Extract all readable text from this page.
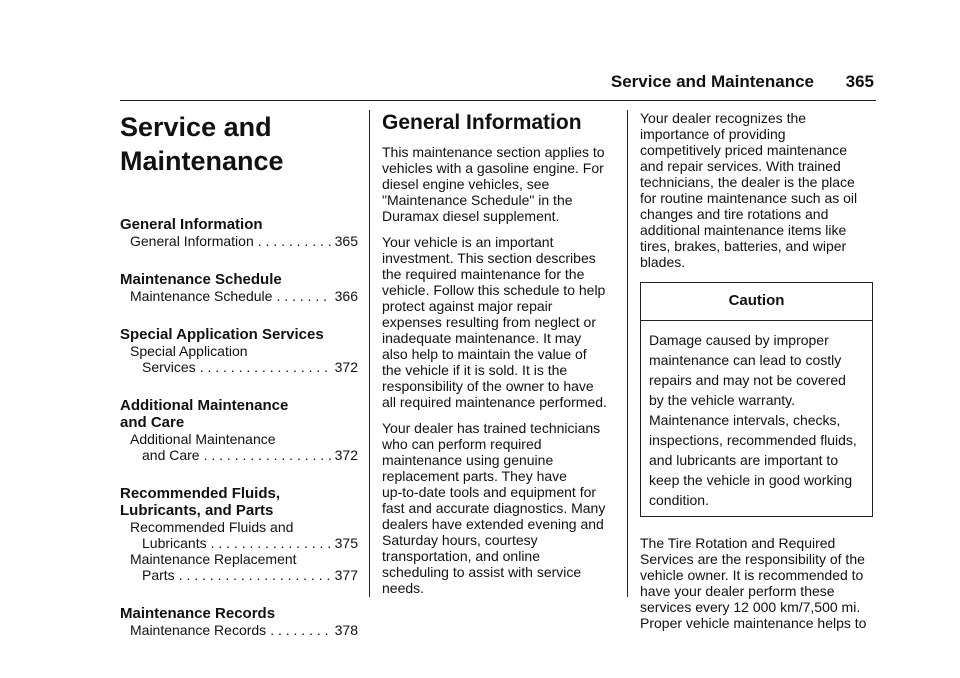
Service and Maintenance 365
Service and
Maintenance
General Information
General Information . . .	365
Maintenance Schedule
Maintenance Schedule . . .	366
Special Application Services
Special Application
Services . . .	372
Additional Maintenance
and Care
Additional Maintenance
and Care . . .	372
Recommended Fluids,
Lubricants, and Parts
Recommended Fluids and
Lubricants . . .	375
Maintenance Replacement
Parts . . .	377
Maintenance Records
Maintenance Records . . .	378
General Information
This maintenance section applies to
vehicles with a gasoline engine. For
diesel engine vehicles, see
"Maintenance Schedule" in the
Duramax diesel supplement.
Your vehicle is an important
investment. This section describes
the required maintenance for the
vehicle. Follow this schedule to help
protect against major repair
expenses resulting from neglect or
inadequate maintenance. It may
also help to maintain the value of
the vehicle if it is sold. It is the
responsibility of the owner to have
all required maintenance performed.
Your dealer has trained technicians
who can perform required
maintenance using genuine
replacement parts. They have
up-to-date tools and equipment for
fast and accurate diagnostics. Many
dealers have extended evening and
Saturday hours, courtesy
transportation, and online
scheduling to assist with service
needs.
Your dealer recognizes the
importance of providing
competitively priced maintenance
and repair services. With trained
technicians, the dealer is the place
for routine maintenance such as oil
changes and tire rotations and
additional maintenance items like
tires, brakes, batteries, and wiper
blades.
Caution
Damage caused by improper
maintenance can lead to costly
repairs and may not be covered
by the vehicle warranty.
Maintenance intervals, checks,
inspections, recommended fluids,
and lubricants are important to
keep the vehicle in good working
condition.
The Tire Rotation and Required
Services are the responsibility of the
vehicle owner. It is recommended to
have your dealer perform these
services every 12 000 km/7,500 mi.
Proper vehicle maintenance helps to
